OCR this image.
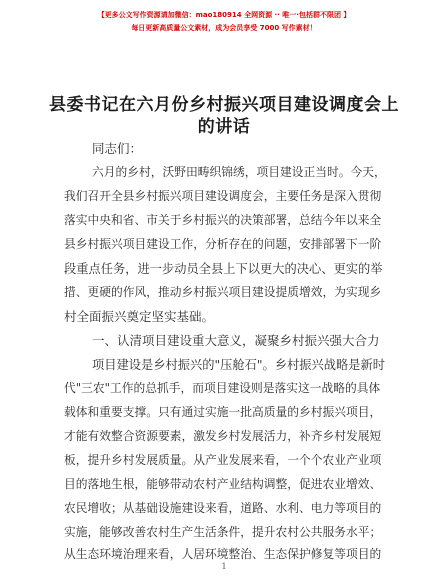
【更多公文写作资源请加微信：mao180914 全网资源 ·· 唯一·包括群不限团 】
每日更新高质量公文素材，成为会员享受 7000 写作素材！
县委书记在六月份乡村振兴项目建设调度会上
的讲话
同志们：
六月的乡村，沃野田畴织锦绣，项目建设正当时。今天，
我们召开全县乡村振兴项目建设调度会，主要任务是深入贯彻
落实中央和省、市关于乡村振兴的决策部署，总结今年以来全
县乡村振兴项目建设工作，分析存在的问题，安排部署下一阶
段重点任务，进一步动员全县上下以更大的决心、更实的举
措、更硬的作风，推动乡村振兴项目建设提质增效，为实现乡
村全面振兴奠定坚实基础。
一、认清项目建设重大意义，凝聚乡村振兴强大合力
项目建设是乡村振兴的"压舱石"。乡村振兴战略是新时
代"三农"工作的总抓手，而项目建设则是落实这一战略的具体
载体和重要支撑。只有通过实施一批高质量的乡村振兴项目，
才能有效整合资源要素，激发乡村发展活力，补齐乡村发展短
板，提升乡村发展质量。从产业发展来看，一个个农业产业项
目的落地生根，能够带动农村产业结构调整，促进农业增效、
农民增收；从基础设施建设来看，道路、水利、电力等项目的
实施，能够改善农村生产生活条件，提升农村公共服务水平；
从生态环境治理来看，人居环境整治、生态保护修复等项目的
1
